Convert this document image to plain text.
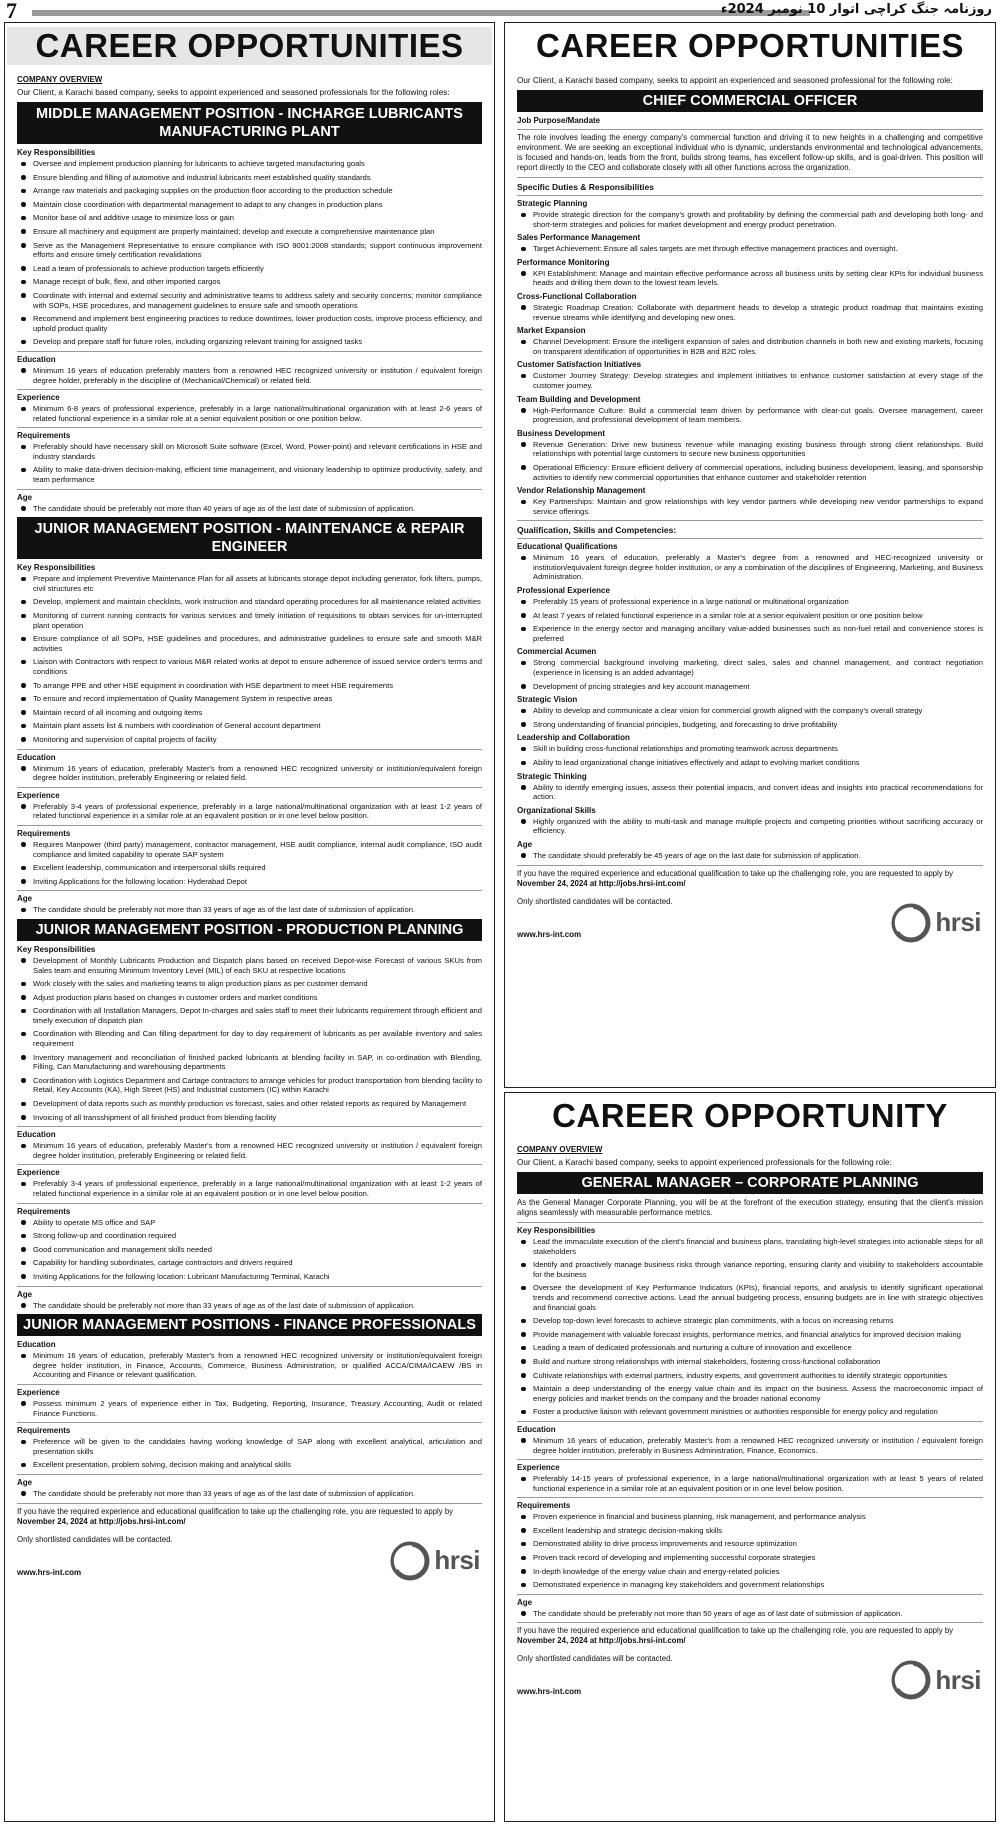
7	روزنامہ جنگ کراچی اتوار 10 نومبر 2024ء
CAREER OPPORTUNITIES
COMPANY OVERVIEW
Our Client, a Karachi based company, seeks to appoint experienced and seasoned professionals for the following roles:
MIDDLE MANAGEMENT POSITION - INCHARGE LUBRICANTS MANUFACTURING PLANT
Key Responsibilities
Oversee and implement production planning for lubricants to achieve targeted manufacturing goals
Ensure blending and filling of automotive and industrial lubricants meet established quality standards
Arrange raw materials and packaging supplies on the production floor according to the production schedule
Maintain close coordination with departmental management to adapt to any changes in production plans
Monitor base oil and additive usage to minimize loss or gain
Ensure all machinery and equipment are properly maintained; develop and execute a comprehensive maintenance plan
Serve as the Management Representative to ensure compliance with ISO 9001:2008 standards; support continuous improvement efforts and ensure timely certification revalidations
Lead a team of professionals to achieve production targets efficiently
Manage receipt of bulk, flexi, and other imported cargos
Coordinate with internal and external security and administrative teams to address safety and security concerns; monitor compliance with SOPs, HSE procedures, and management guidelines to ensure safe and smooth operations
Recommend and implement best engineering practices to reduce downtimes, lower production costs, improve process efficiency, and uphold product quality
Develop and prepare staff for future roles, including organizing relevant training for assigned tasks
Education
Minimum 16 years of education preferably masters from a renowned HEC recognized university or institution / equivalent foreign degree holder, preferably in the discipline of (Mechanical/Chemical) or related field.
Experience
Minimum 6-8 years of professional experience, preferably in a large national/multinational organization with at least 2-6 years of related functional experience in a similar role at a senior equivalent position or one position below.
Requirements
Preferably should have necessary skill on Microsoft Suite software (Excel, Word, Power-point) and relevant certifications in HSE and industry standards
Ability to make data-driven decision-making, efficient time management, and visionary leadership to optimize productivity, safety, and team performance
Age
The candidate should be preferably not more than 40 years of age as of the last date of submission of application.
JUNIOR MANAGEMENT POSITION - MAINTENANCE & REPAIR ENGINEER
Key Responsibilities
Prepare and implement Preventive Maintenance Plan for all assets at lubricants storage depot including generator, fork lifters, pumps, civil structures etc
Develop, implement and maintain checklists, work instruction and standard operating procedures for all maintenance related activities
Monitoring of current running contracts for various services and timely initiation of requisitions to obtain services for un-interrupted plant operation
Ensure compliance of all SOPs, HSE guidelines and procedures, and administrative guidelines to ensure safe and smooth M&R activities
Liaison with Contractors with respect to various M&R related works at depot to ensure adherence of issued service order's terms and conditions
To arrange PPE and other HSE equipment in coordination with HSE department to meet HSE requirements
To ensure and record implementation of Quality Management System in respective areas
Maintain record of all incoming and outgoing items
Maintain plant assets list & numbers with coordination of General account department
Monitoring and supervision of capital projects of facility
Education
Minimum 16 years of education, preferably Master's from a renowned HEC recognized university or institution/equivalent foreign degree holder institution, preferably Engineering or related field.
Experience
Preferably 3-4 years of professional experience, preferably in a large national/multinational organization with at least 1-2 years of related functional experience in a similar role at an equivalent position or in one level below position.
Requirements
Requires Manpower (third party) management, contractor management, HSE audit compliance, internal audit compliance, ISO audit compliance and limited capability to operate SAP system
Excellent leadership, communication and interpersonal skills required
Inviting Applications for the following location: Hyderabad Depot
Age
The candidate should be preferably not more than 33 years of age as of the last date of submission of application.
JUNIOR MANAGEMENT POSITION - PRODUCTION PLANNING
Key Responsibilities
Development of Monthly Lubricants Production and Dispatch plans based on received Depot-wise Forecast of various SKUs from Sales team and ensuring Minimum Inventory Level (MIL) of each SKU at respective locations
Work closely with the sales and marketing teams to align production plans as per customer demand
Adjust production plans based on changes in customer orders and market conditions
Coordination with all Installation Managers, Depot In-charges and sales staff to meet their lubricants requirement through efficient and timely execution of dispatch plan
Coordination with Blending and Can filling department for day to day requirement of lubricants as per available inventory and sales requirement
Inventory management and reconciliation of finished packed lubricants at blending facility in SAP, in co-ordination with Blending, Filling, Can Manufacturing and warehousing departments
Coordination with Logistics Department and Cartage contractors to arrange vehicles for product transportation from blending facility to Retail, Key Accounts (KA), High Street (HS) and Industrial customers (IC) within Karachi
Development of data reports such as monthly production vs forecast, sales and other related reports as required by Management
Invoicing of all transshipment of all finished product from blending facility
Education
Minimum 16 years of education, preferably Master's from a renowned HEC recognized university or institution / equivalent foreign degree holder institution, preferably Engineering or related field.
Experience
Preferably 3-4 years of professional experience, preferably in a large national/multinational organization with at least 1-2 years of related functional experience in a similar role at an equivalent position or in one level below position.
Requirements
Ability to operate MS office and SAP
Strong follow-up and coordination required
Good communication and management skills needed
Capability for handling subordinates, cartage contractors and drivers required
Inviting Applications for the following location: Lubricant Manufacturing Terminal, Karachi
Age
The candidate should be preferably not more than 33 years of age as of the last date of submission of application.
JUNIOR MANAGEMENT POSITIONS - FINANCE PROFESSIONALS
Education
Minimum 16 years of education, preferably Master's from a renowned HEC recognized university or institution/equivalent foreign degree holder institution, in Finance, Accounts, Commerce, Business Administration, or qualified ACCA/CIMA/ICAEW /BS in Accounting and Finance or relevant qualification.
Experience
Possess minimum 2 years of experience either in Tax, Budgeting, Reporting, Insurance, Treasury Accounting, Audit or related Finance Functions.
Requirements
Preference will be given to the candidates having working knowledge of SAP along with excellent analytical, articulation and presentation skills
Excellent presentation, problem solving, decision making and analytical skills
Age
The candidate should be preferably not more than 33 years of age as of the last date of submission of application.
If you have the required experience and educational qualification to take up the challenging role, you are requested to apply by November 24, 2024 at http://jobs.hrsi-int.com/
Only shortlisted candidates will be contacted.
www.hrs-int.com	hrsi
CAREER OPPORTUNITIES
Our Client, a Karachi based company, seeks to appoint an experienced and seasoned professional for the following role:
CHIEF COMMERCIAL OFFICER
Job Purpose/Mandate
The role involves leading the energy company's commercial function and driving it to new heights in a challenging and competitive environment. We are seeking an exceptional individual who is dynamic, understands environmental and technological advancements, is focused and hands-on, leads from the front, builds strong teams, has excellent follow-up skills, and is goal-driven. This position will report directly to the CEO and collaborate closely with all other functions across the organization.
Specific Duties & Responsibilities
Strategic Planning
Provide strategic direction for the company's growth and profitability by defining the commercial path and developing both long- and short-term strategies and policies for market development and energy product penetration.
Sales Performance Management
Target Achievement: Ensure all sales targets are met through effective management practices and oversight.
Performance Monitoring
KPI Establishment: Manage and maintain effective performance across all business units by setting clear KPIs for individual business heads and drilling them down to the lowest team levels.
Cross-Functional Collaboration
Strategic Roadmap Creation: Collaborate with department heads to develop a strategic product roadmap that maintains existing revenue streams while identifying and developing new ones.
Market Expansion
Channel Development: Ensure the intelligent expansion of sales and distribution channels in both new and existing markets, focusing on transparent identification of opportunities in B2B and B2C roles.
Customer Satisfaction Initiatives
Customer Journey Strategy: Develop strategies and implement initiatives to enhance customer satisfaction at every stage of the customer journey.
Team Building and Development
High-Performance Culture: Build a commercial team driven by performance with clear-cut goals. Oversee management, career progression, and professional development of team members.
Business Development
Revenue Generation: Drive new business revenue while managing existing business through strong client relationships. Build relationships with potential large customers to secure new business opportunities
Operational Efficiency: Ensure efficient delivery of commercial operations, including business development, leasing, and sponsorship activities to identify new commercial opportunities that enhance customer and stakeholder retention
Vendor Relationship Management
Key Partnerships: Maintain and grow relationships with key vendor partners while developing new vendor partnerships to expand service offerings.
Qualification, Skills and Competencies:
Educational Qualifications
Minimum 16 years of education, preferably a Master's degree from a renowned and HEC-recognized university or institution/equivalent foreign degree holder institution, or any a combination of the disciplines of Engineering, Marketing, and Business Administration.
Professional Experience
Preferably 15 years of professional experience in a large national or multinational organization
At least 7 years of related functional experience in a similar role at a senior equivalent position or one position below
Experience in the energy sector and managing ancillary value-added businesses such as non-fuel retail and convenience stores is preferred
Commercial Acumen
Strong commercial background involving marketing, direct sales, sales and channel management, and contract negotiation (experience in licensing is an added advantage)
Development of pricing strategies and key account management
Strategic Vision
Ability to develop and communicate a clear vision for commercial growth aligned with the company's overall strategy
Strong understanding of financial principles, budgeting, and forecasting to drive profitability
Leadership and Collaboration
Skill in building cross-functional relationships and promoting teamwork across departments
Ability to lead organizational change initiatives effectively and adapt to evolving market conditions
Strategic Thinking
Ability to identify emerging issues, assess their potential impacts, and convert ideas and insights into practical recommendations for action.
Organizational Skills
Highly organized with the ability to multi-task and manage multiple projects and competing priorities without sacrificing accuracy or efficiency.
Age
The candidate should preferably be 45 years of age on the last date for submission of application.
If you have the required experience and educational qualification to take up the challenging role, you are requested to apply by November 24, 2024 at http://jobs.hrsi-int.com/
Only shortlisted candidates will be contacted.
www.hrs-int.com	hrsi
CAREER OPPORTUNITY
COMPANY OVERVIEW
Our Client, a Karachi based company, seeks to appoint experienced professionals for the following role:
GENERAL MANAGER – CORPORATE PLANNING
As the General Manager Corporate Planning, you will be at the forefront of the execution strategy, ensuring that the client's mission aligns seamlessly with measurable performance metrics.
Key Responsibilities
Lead the immaculate execution of the client's financial and business plans, translating high-level strategies into actionable steps for all stakeholders
Identify and proactively manage business risks through variance reporting, ensuring clarity and visibility to stakeholders accountable for the business
Oversee the development of Key Performance Indicators (KPIs), financial reports, and analysis to identify significant operational trends and recommend corrective actions. Lead the annual budgeting process, ensuring budgets are in line with strategic objectives and financial goals
Develop top-down level forecasts to achieve strategic plan commitments, with a focus on increasing returns
Provide management with valuable forecast insights, performance metrics, and financial analytics for improved decision making
Leading a team of dedicated professionals and nurturing a culture of innovation and excellence
Build and nurture strong relationships with internal stakeholders, fostering cross-functional collaboration
Cultivate relationships with external partners, industry experts, and government authorities to identify strategic opportunities
Maintain a deep understanding of the energy value chain and its impact on the business. Assess the macroeconomic impact of energy policies and market trends on the company and the broader national economy
Foster a productive liaison with relevant government ministries or authorities responsible for energy policy and regulation
Education
Minimum 16 years of education, preferably Master's from a renowned HEC recognized university or institution / equivalent foreign degree holder institution, preferably in Business Administration, Finance, Economics.
Experience
Preferably 14-15 years of professional experience, in a large national/multinational organization with at least 5 years of related functional experience in a similar role at an equivalent position or in one level below position.
Requirements
Proven experience in financial and business planning, risk management, and performance analysis
Excellent leadership and strategic decision-making skills
Demonstrated ability to drive process improvements and resource optimization
Proven track record of developing and implementing successful corporate strategies
In-depth knowledge of the energy value chain and energy-related policies
Demonstrated experience in managing key stakeholders and government relationships
Age
The candidate should be preferably not more than 50 years of age as of last date of submission of application.
If you have the required experience and educational qualification to take up the challenging role, you are requested to apply by November 24, 2024 at http://jobs.hrsi-int.com/
Only shortlisted candidates will be contacted.
www.hrs-int.com	hrsi
